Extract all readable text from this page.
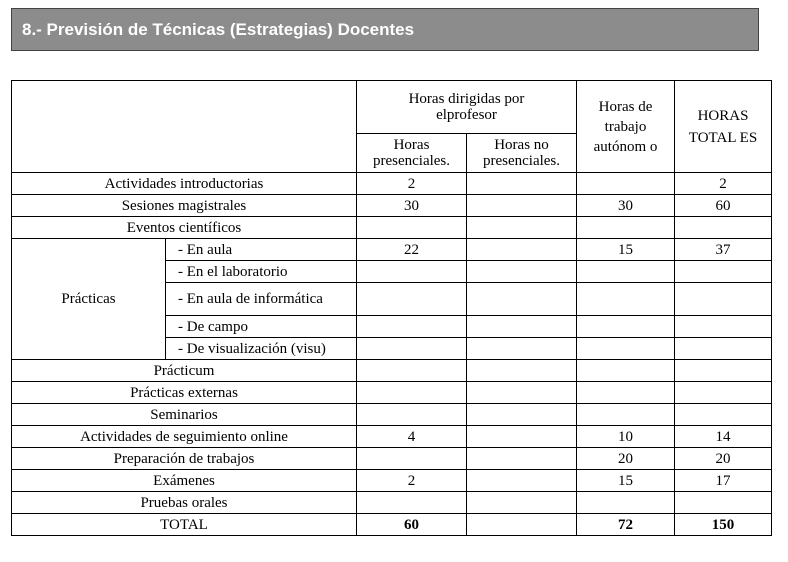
8.- Previsión de Técnicas (Estrategias) Docentes
		Horas dirigidas por elprofesor		Horas de trabajo autónom o	HORAS TOTAL ES
		Horas presenciales.	Horas no presenciales.		
Actividades introductorias		2			2
Sesiones magistrales		30		30	60
Eventos científicos					
Prácticas	- En aula	22		15	37
	- En el laboratorio				
	- En aula de informática				
	- De campo				
	- De visualización (visu)				
Prácticum					
Prácticas externas					
Seminarios					
Actividades de seguimiento online		4		10	14
Preparación de trabajos				20	20
Exámenes		2		15	17
Pruebas orales					
TOTAL		60		72	150
